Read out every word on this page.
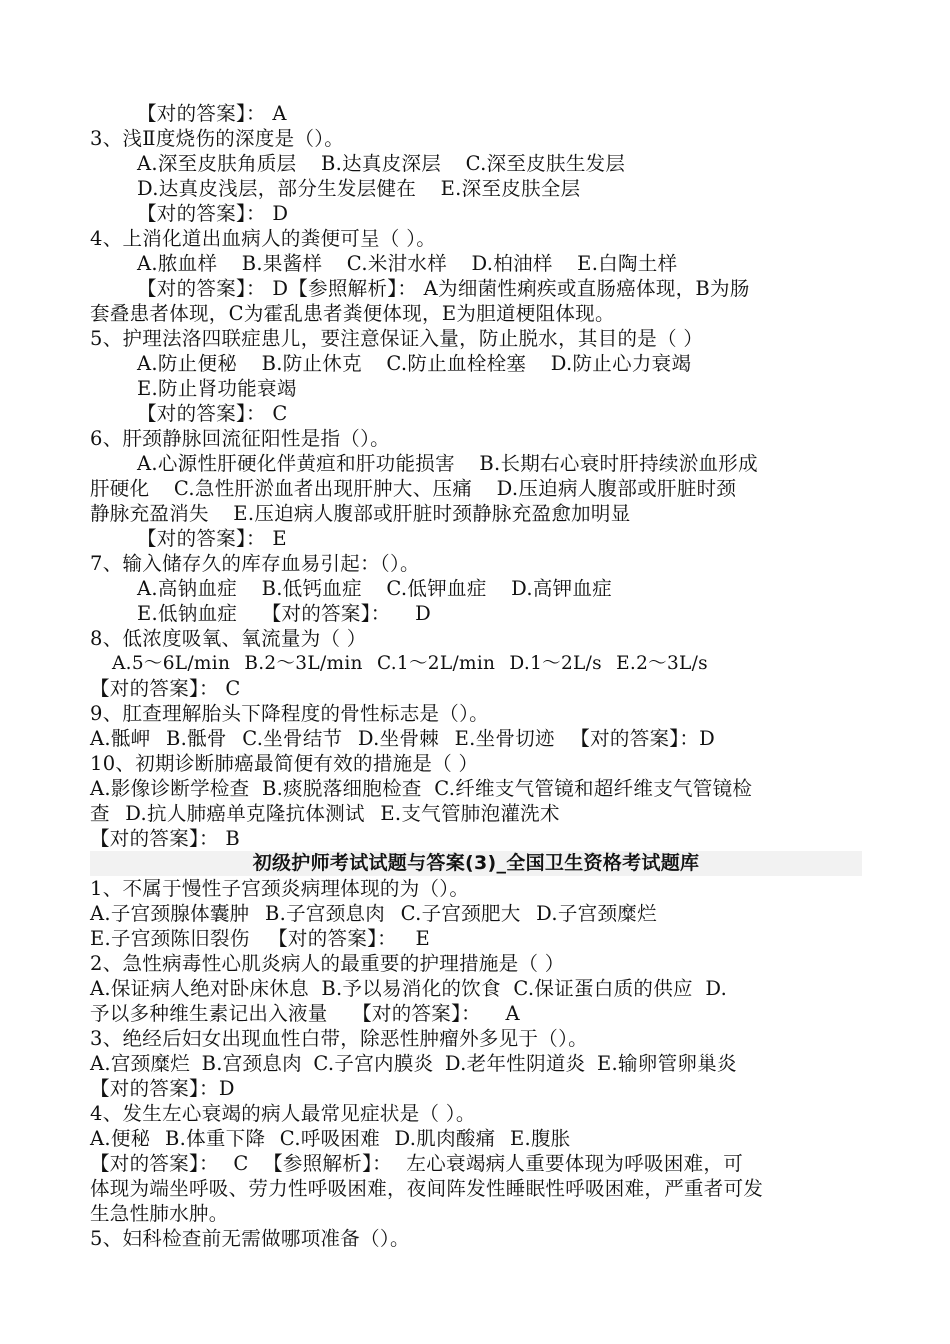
【对的答案】： A
3、浅Ⅱ度烧伤的深度是（）。
A.深至皮肤角质层 B.达真皮深层 C.深至皮肤生发层
D.达真皮浅层，部分生发层健在 E.深至皮肤全层
【对的答案】： D
4、上消化道出血病人的粪便可呈（ ）。
A.脓血样 B.果酱样 C.米泔水样 D.柏油样 E.白陶土样
【对的答案】： D【参照解析】： A为细菌性痢疾或直肠癌体现，B为肠
套叠患者体现，C为霍乱患者粪便体现，E为胆道梗阻体现。
5、护理法洛四联症患儿，要注意保证入量，防止脱水，其目的是（ ）
A.防止便秘 B.防止休克 C.防止血栓栓塞 D.防止心力衰竭
E.防止肾功能衰竭
【对的答案】： C
6、肝颈静脉回流征阳性是指（）。
A.心源性肝硬化伴黄疸和肝功能损害 B.长期右心衰时肝持续淤血形成
肝硬化 C.急性肝淤血者出现肝肿大、压痛 D.压迫病人腹部或肝脏时颈
静脉充盈消失 E.压迫病人腹部或肝脏时颈静脉充盈愈加明显
【对的答案】： E
7、输入储存久的库存血易引起：（）。
A.高钠血症 B.低钙血症 C.低钾血症 D.高钾血症
E.低钠血症 【对的答案】： D
8、低浓度吸氧、氧流量为（ ）
A.5～6L/min B.2～3L/min C.1～2L/min D.1～2L/s E.2～3L/s
【对的答案】： C
9、肛查理解胎头下降程度的骨性标志是（）。
A.骶岬 B.骶骨 C.坐骨结节 D.坐骨棘 E.坐骨切迹 【对的答案】：D
10、初期诊断肺癌最简便有效的措施是（ ）
A.影像诊断学检查 B.痰脱落细胞检查 C.纤维支气管镜和超纤维支气管镜检
查 D.抗人肺癌单克隆抗体测试 E.支气管肺泡灌洗术
【对的答案】： B
初级护师考试试题与答案(3)_全国卫生资格考试题库
1、不属于慢性子宫颈炎病理体现的为（）。
A.子宫颈腺体囊肿 B.子宫颈息肉 C.子宫颈肥大 D.子宫颈糜烂
E.子宫颈陈旧裂伤 【对的答案】： E
2、急性病毒性心肌炎病人的最重要的护理措施是（ ）
A.保证病人绝对卧床休息 B.予以易消化的饮食 C.保证蛋白质的供应 D.
予以多种维生素记出入液量 【对的答案】： A
3、绝经后妇女出现血性白带，除恶性肿瘤外多见于（）。
A.宫颈糜烂 B.宫颈息肉 C.子宫内膜炎 D.老年性阴道炎 E.输卵管卵巢炎
【对的答案】：D
4、发生左心衰竭的病人最常见症状是（ ）。
A.便秘 B.体重下降 C.呼吸困难 D.肌肉酸痛 E.腹胀
【对的答案】： C 【参照解析】： 左心衰竭病人重要体现为呼吸困难，可
体现为端坐呼吸、劳力性呼吸困难，夜间阵发性睡眠性呼吸困难，严重者可发
生急性肺水肿。
5、妇科检查前无需做哪项准备（）。
